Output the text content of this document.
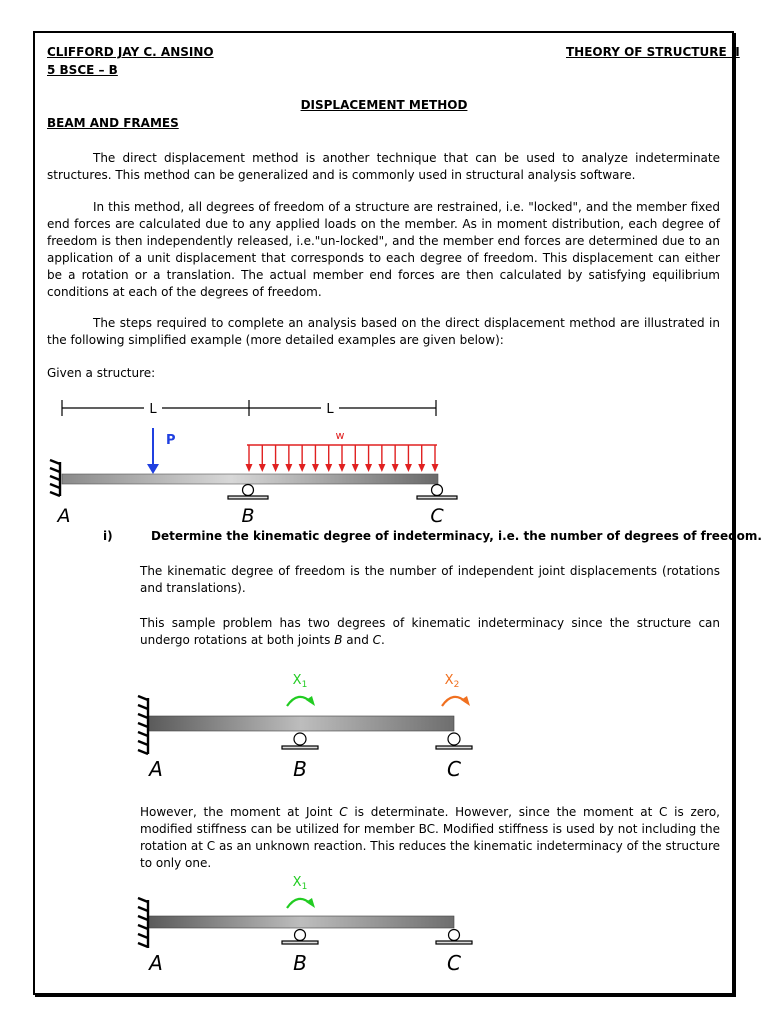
CLIFFORD JAY C. ANSINO
5 BSCE – B
THEORY OF STRUCTURE II
DISPLACEMENT METHOD
BEAM AND FRAMES
The direct displacement method is another technique that can be used to analyze indeterminate structures. This method can be generalized and is commonly used in structural analysis software.
In this method, all degrees of freedom of a structure are restrained, i.e. "locked", and the member fixed end forces are calculated due to any applied loads on the member. As in moment distribution, each degree of freedom is then independently released, i.e."un-locked", and the member end forces are determined due to an application of a unit displacement that corresponds to each degree of freedom. This displacement can either be a rotation or a translation. The actual member end forces are then calculated by satisfying equilibrium conditions at each of the degrees of freedom.
The steps required to complete an analysis based on the direct displacement method are illustrated in the following simplified example (more detailed examples are given below):
Given a structure:
L	L
P	w
A	B	C
i)	Determine the kinematic degree of indeterminacy, i.e. the number of degrees of freedom.
The kinematic degree of freedom is the number of independent joint displacements (rotations and translations).
This sample problem has two degrees of kinematic indeterminacy since the structure can undergo rotations at both joints B and C.
$X_1$	$X_2$
A	B	C
However, the moment at Joint C is determinate. However, since the moment at C is zero, modified stiffness can be utilized for member BC. Modified stiffness is used by not including the rotation at C as an unknown reaction. This reduces the kinematic indeterminacy of the structure to only one.
$X_1$
A	B	C
